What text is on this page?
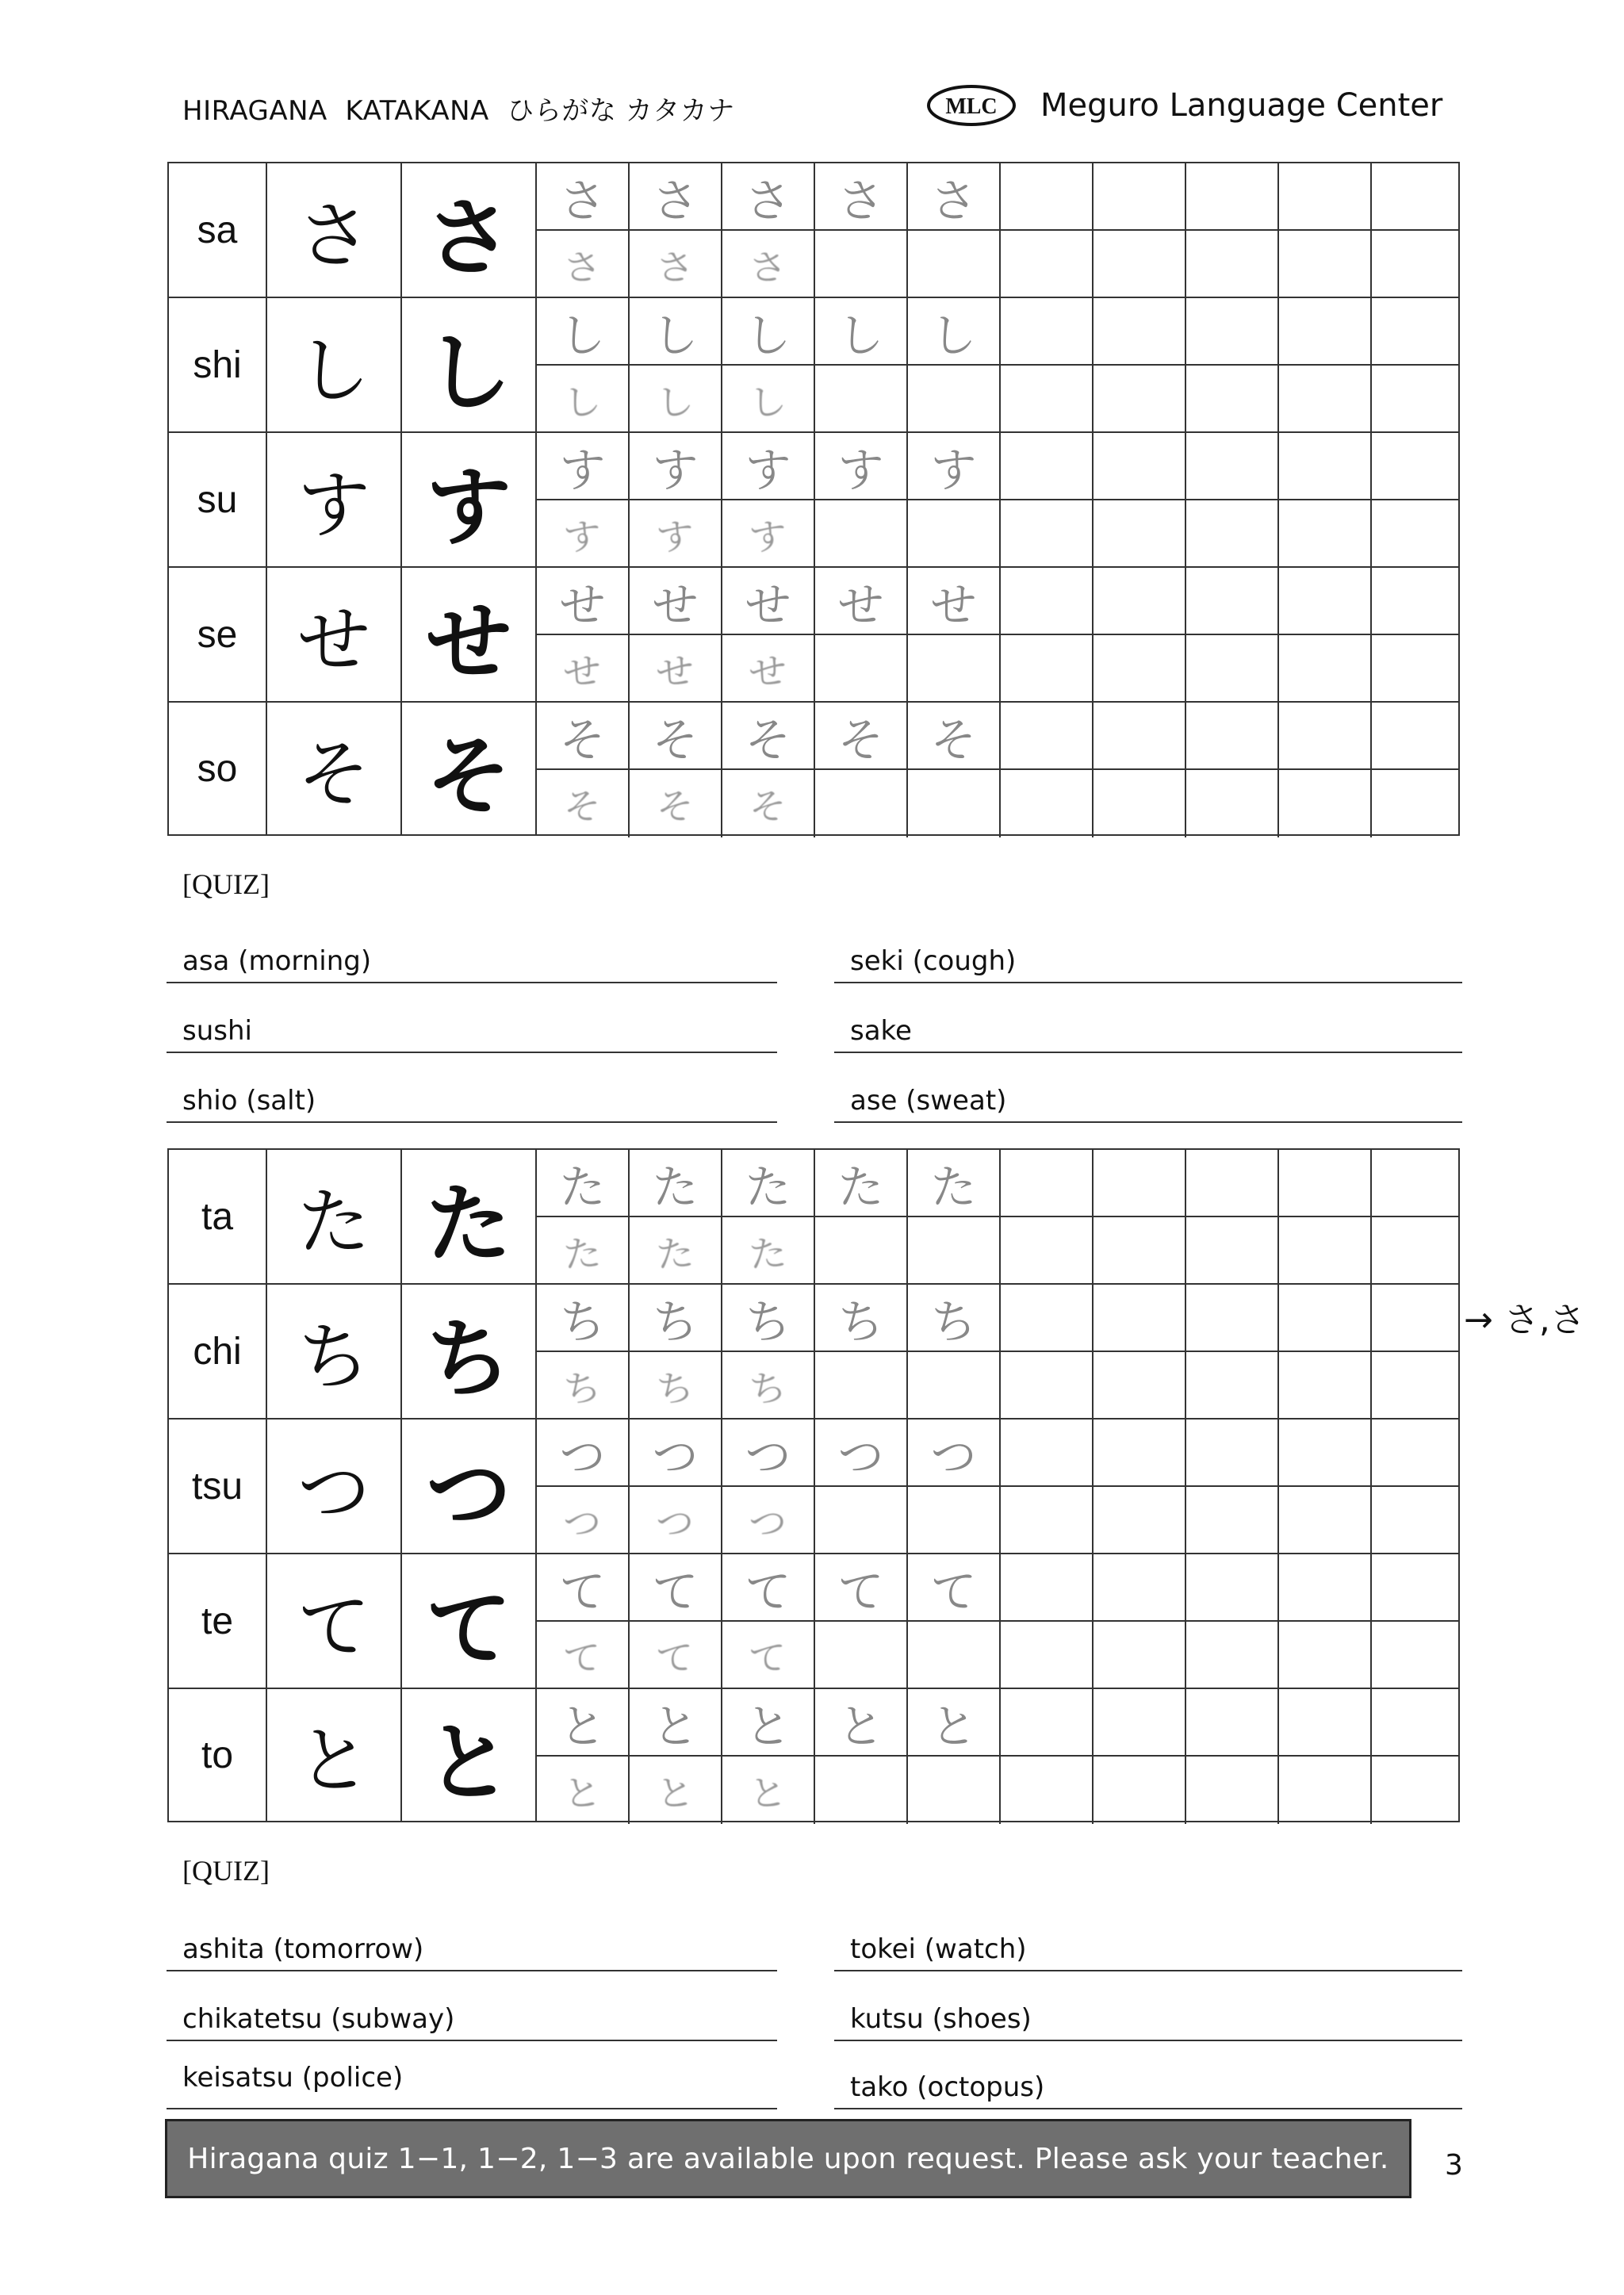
HIRAGANA  KATAKANA  ひらがな カタカナ	MLC Meguro Language Center
sa さ さ	さ さ さ さ さ
さ さ さ
shi し し	し し し し し
し し し
su す す	す す す す す
す す す
se せ せ	せ せ せ せ せ
せ せ せ
so そ そ	そ そ そ そ そ
そ そ そ
[QUIZ]
asa (morning)	seki (cough)
sushi	sake
shio (salt)	ase (sweat)
ta た た	た た た た た
た た た
chi ち ち	ち ち ち ち ち
ち ち ち
tsu つ つ	つ つ つ つ つ
つ つ つ
te て て	て て て て て
て て て
to と と	と と と と と
と と と
→ さ,さ
[QUIZ]
ashita (tomorrow)	tokei (watch)
chikatetsu (subway)	kutsu (shoes)
keisatsu (police)	tako (octopus)
Hiragana quiz 1−1, 1−2, 1−3 are available upon request. Please ask your teacher. 3
